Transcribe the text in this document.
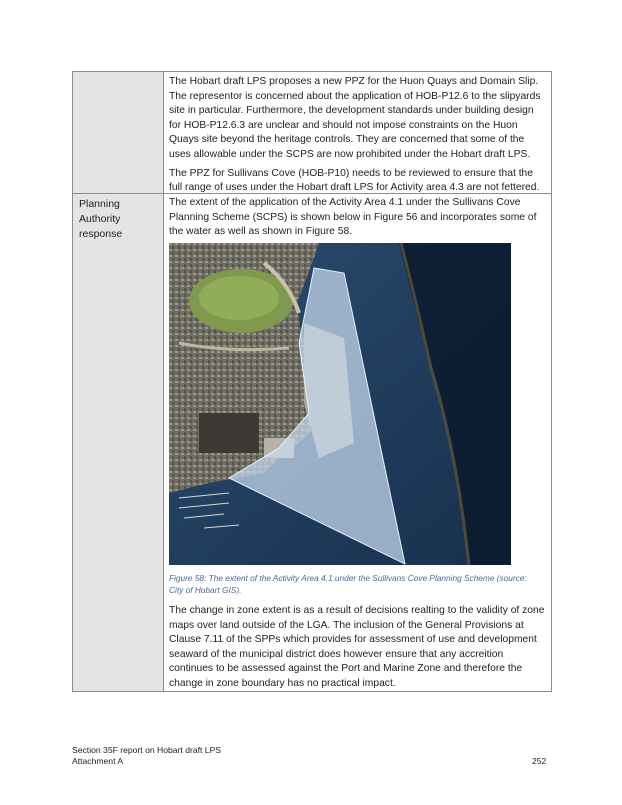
The Hobart draft LPS proposes a new PPZ for the Huon Quays and Domain Slip. The representor is concerned about the application of HOB-P12.6 to the slipyards site in particular. Furthermore, the development standards under building design for HOB-P12.6.3 are unclear and should not impose constraints on the Huon Quays site beyond the heritage controls. They are concerned that some of the uses allowable under the SCPS are now prohibited under the Hobart draft LPS.

The PPZ for Sullivans Cove (HOB-P10) needs to be reviewed to ensure that the full range of uses under the Hobart draft LPS for Activity area 4.3 are not fettered.

Planning Authority response

The extent of the application of the Activity Area 4.1 under the Sullivans Cove Planning Scheme (SCPS) is shown below in Figure 56 and incorporates some of the water as well as shown in Figure 58.

Figure 58: The extent of the Activity Area 4.1 under the Sullivans Cove Planning Scheme (source: City of Hobart GIS).

The change in zone extent is as a result of decisions realting to the validity of zone maps over land outside of the LGA. The inclusion of the General Provisions at Clause 7.11 of the SPPs which provides for assessment of use and development seaward of the municipal district does however ensure that any accreition continues to be assessed against the Port and Marine Zone and therefore the change in zone boundary has no practical impact.

Section 35F report on Hobart draft LPS
Attachment A	252
